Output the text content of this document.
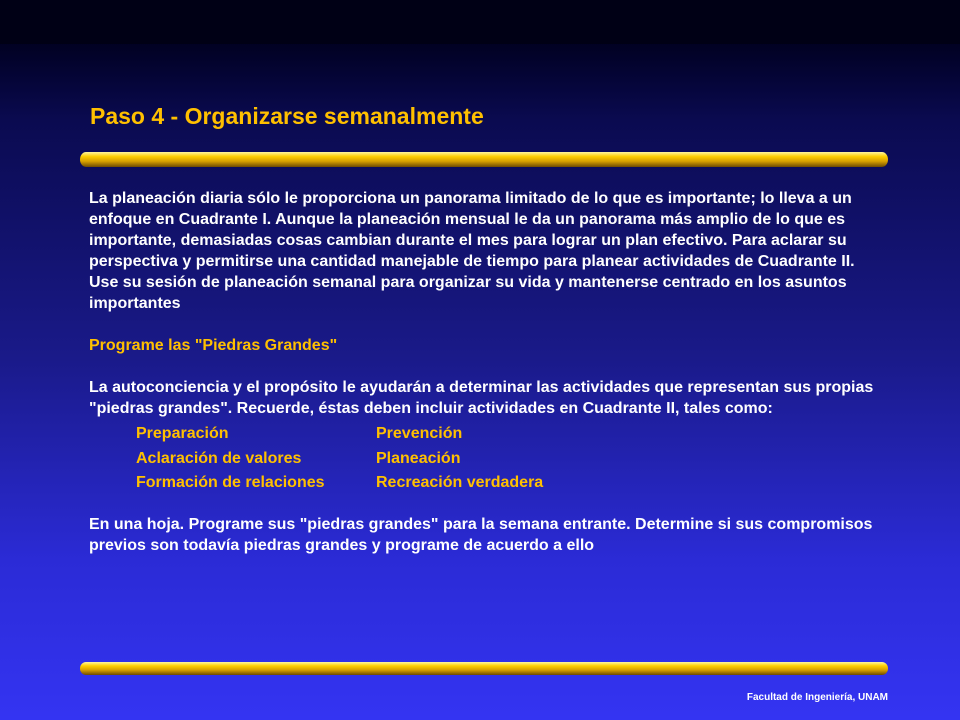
Paso 4 - Organizarse semanalmente

La planeación diaria sólo le proporciona un panorama limitado de lo que es importante; lo lleva a un enfoque en Cuadrante I. Aunque la planeación mensual le da un panorama más amplio de lo que es importante, demasiadas cosas cambian durante el mes para lograr un plan efectivo. Para aclarar su perspectiva y permitirse una cantidad manejable de tiempo para planear actividades de Cuadrante II. Use su sesión de planeación semanal para organizar su vida y mantenerse centrado en los asuntos importantes

Programe las "Piedras Grandes"

La autoconciencia y el propósito le ayudarán a determinar las actividades que representan sus propias "piedras grandes". Recuerde, éstas deben incluir actividades en Cuadrante II, tales como:

Preparación	Prevención
Aclaración de valores	Planeación
Formación de relaciones	Recreación verdadera

En una hoja. Programe sus "piedras grandes" para la semana entrante. Determine si sus compromisos previos son todavía piedras grandes y programe de acuerdo a ello

Facultad de Ingeniería, UNAM
